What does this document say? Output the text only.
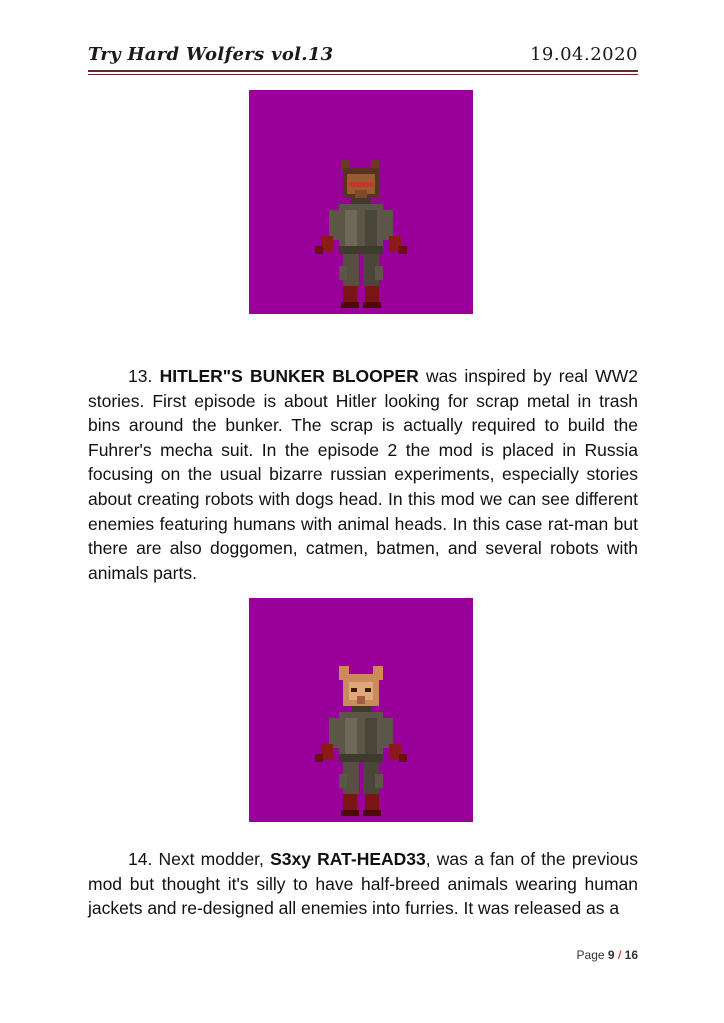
Try Hard Wolfers vol.13	19.04.2020

13. HITLER"S BUNKER BLOOPER was inspired by real WW2 stories. First episode is about Hitler looking for scrap metal in trash bins around the bunker. The scrap is actually required to build the Fuhrer's mecha suit. In the episode 2 the mod is placed in Russia focusing on the usual bizarre russian experiments, especially stories about creating robots with dogs head. In this mod we can see different enemies featuring humans with animal heads. In this case rat-man but there are also doggomen, catmen, batmen, and several robots with animals parts.

14. Next modder, S3xy RAT-HEAD33, was a fan of the previous mod but thought it's silly to have half-breed animals wearing human jackets and re-designed all enemies into furries. It was released as a

Page 9 / 16
